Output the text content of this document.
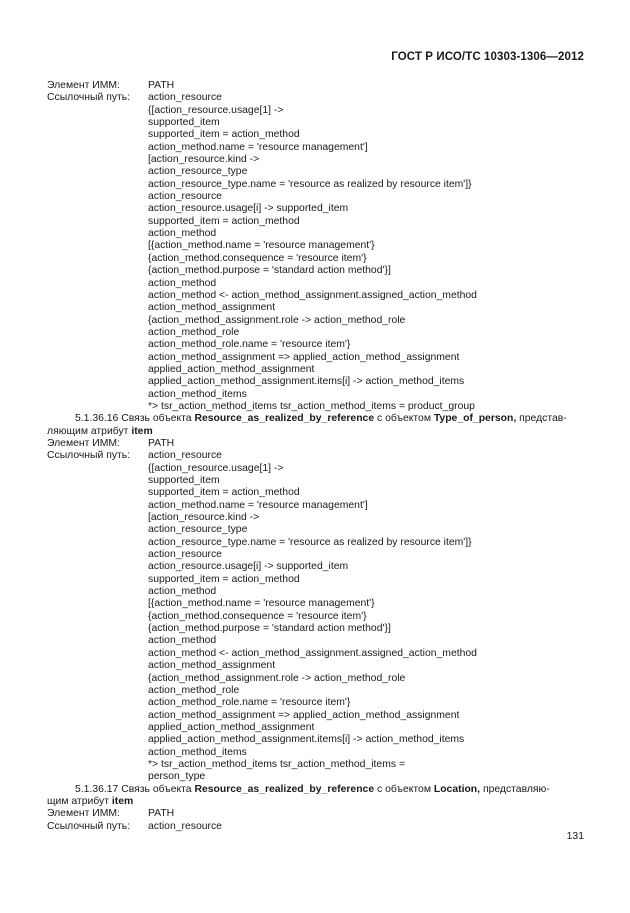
ГОСТ Р ИСО/ТС 10303-1306—2012

Элемент ИММ:

	PATH

Ссылочный путь: action_resource
{[action_resource.usage[1] ->
supported_item
supported_item = action_method
action_method.name = 'resource management']
[action_resource.kind ->
action_resource_type
action_resource_type.name = 'resource as realized by resource item']}
action_resource
action_resource.usage[i] -> supported_item
supported_item = action_method
action_method
[{action_method.name = 'resource management'}
{action_method.consequence = 'resource item'}
{action_method.purpose = 'standard action method'}]
action_method
action_method <- action_method_assignment.assigned_action_method
action_method_assignment
{action_method_assignment.role -> action_method_role
action_method_role
action_method_role.name = 'resource item'}
action_method_assignment => applied_action_method_assignment
applied_action_method_assignment
applied_action_method_assignment.items[i] -> action_method_items
action_method_items
*> tsr_action_method_items tsr_action_method_items = product_group
5.1.36.16 Связь объекта Resource_as_realized_by_reference с объектом Type_of_person, представ-
ляющим атрибут item

Элемент ИММ:

	PATH

Ссылочный путь: action_resource
{[action_resource.usage[1] ->
supported_item
supported_item = action_method
action_method.name = 'resource management']
[action_resource.kind ->
action_resource_type
action_resource_type.name = 'resource as realized by resource item']}
action_resource
action_resource.usage[i] -> supported_item
supported_item = action_method
action_method
[{action_method.name = 'resource management'}
{action_method.consequence = 'resource item'}
{action_method.purpose = 'standard action method'}]
action_method
action_method <- action_method_assignment.assigned_action_method
action_method_assignment
{action_method_assignment.role -> action_method_role
action_method_role
action_method_role.name = 'resource item'}
action_method_assignment => applied_action_method_assignment
applied_action_method_assignment
applied_action_method_assignment.items[i] -> action_method_items
action_method_items
*> tsr_action_method_items tsr_action_method_items =
person_type
5.1.36.17 Связь объекта Resource_as_realized_by_reference с объектом Location, представляю-
щим атрибут item

Элемент ИММ:

	PATH

Ссылочный путь: action_resource
131
